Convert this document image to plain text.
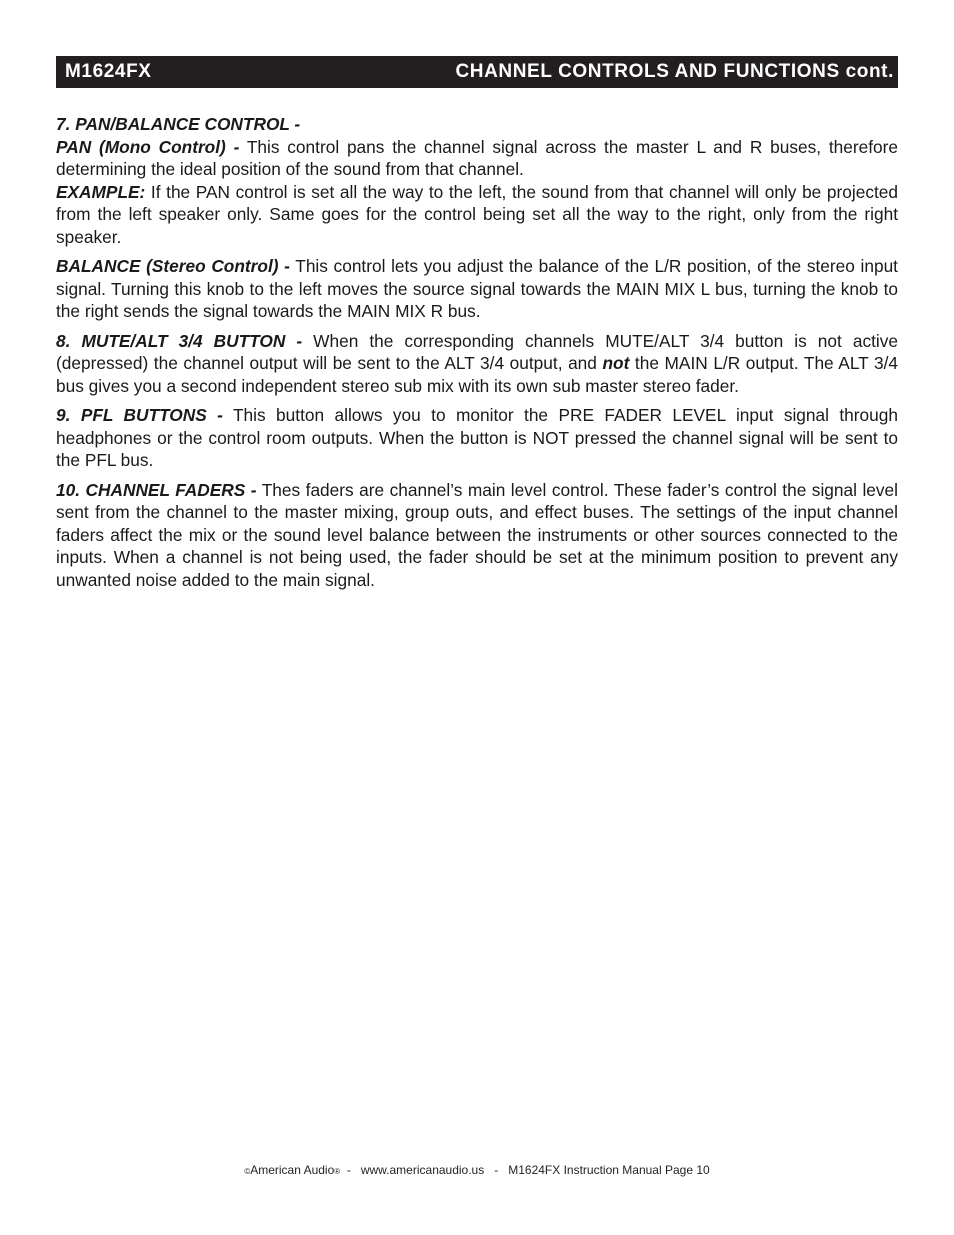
M1624FX	CHANNEL CONTROLS AND FUNCTIONS cont.

7. PAN/BALANCE CONTROL -

PAN (Mono Control) - This control pans the channel signal across the master L and R buses, therefore determining the ideal position of the sound from that channel.

EXAMPLE: If the PAN control is set all the way to the left, the sound from that channel will only be projected from the left speaker only. Same goes for the control being set all the way to the right, only from the right speaker.

BALANCE (Stereo Control) - This control lets you adjust the balance of the L/R position, of the stereo input signal. Turning this knob to the left moves the source signal towards the MAIN MIX L bus, turning the knob to the right sends the signal towards the MAIN MIX R bus.

8. MUTE/ALT 3/4 BUTTON - When the corresponding channels MUTE/ALT 3/4 button is not active (depressed) the channel output will be sent to the ALT 3/4 output, and not the MAIN L/R output. The ALT 3/4 bus gives you a second independent stereo sub mix with its own sub master stereo fader.

9. PFL BUTTONS - This button allows you to monitor the PRE FADER LEVEL input signal through headphones or the control room outputs. When the button is NOT pressed the channel signal will be sent to the PFL bus.

10. CHANNEL FADERS - Thes faders are channel’s main level control. These fader’s control the signal level sent from the channel to the master mixing, group outs, and effect buses. The settings of the input channel faders affect the mix or the sound level balance between the instruments or other sources connected to the inputs. When a channel is not being used, the fader should be set at the minimum position to prevent any unwanted noise added to the main signal.

©American Audio®  -   www.americanaudio.us   -   M1624FX Instruction Manual Page 10
